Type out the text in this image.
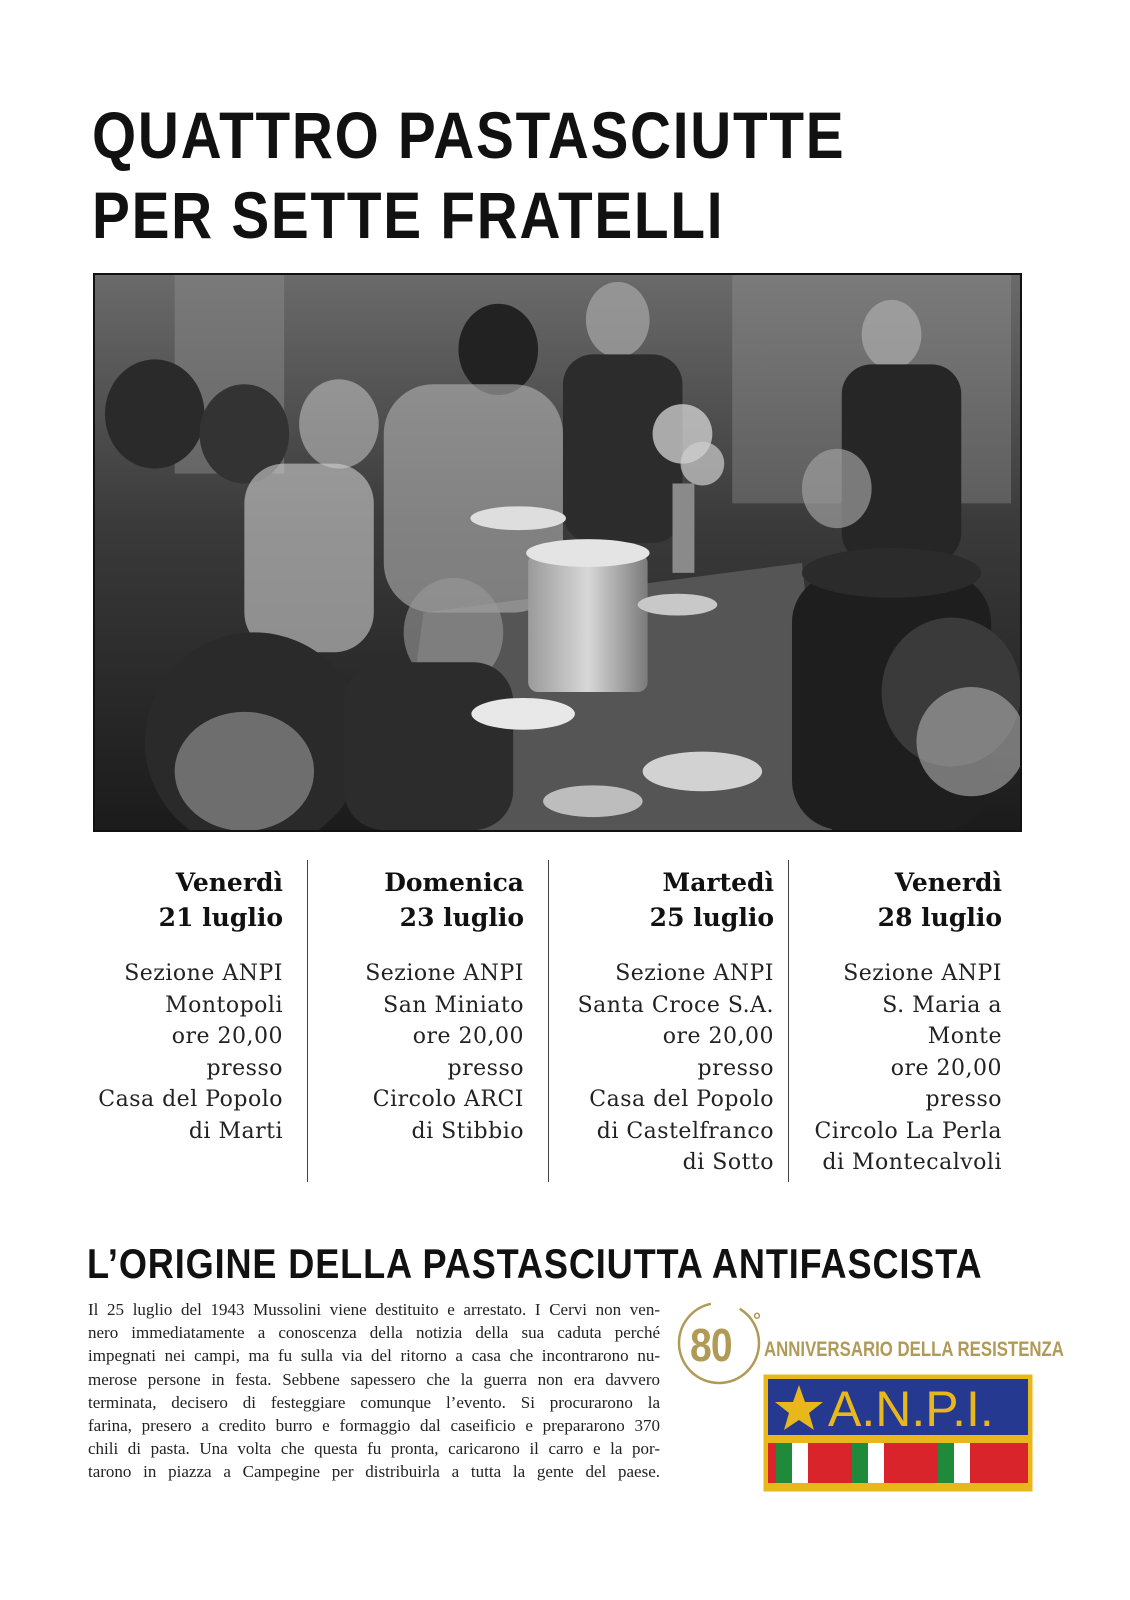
QUATTRO PASTASCIUTTE
PER SETTE FRATELLI
Venerdì
21 luglio
Sezione ANPI
Montopoli
ore 20,00
presso
Casa del Popolo
di Marti
Domenica
23 luglio
Sezione ANPI
San Miniato
ore 20,00
presso
Circolo ARCI
di Stibbio
Martedì
25 luglio
Sezione ANPI
Santa Croce S.A.
ore 20,00
presso
Casa del Popolo
di Castelfranco
di Sotto
Venerdì
28 luglio
Sezione ANPI
S. Maria a
Monte
ore 20,00
presso
Circolo La Perla
di Montecalvoli
L’ORIGINE DELLA PASTASCIUTTA ANTIFASCISTA
Il 25 luglio del 1943 Mussolini viene destituito e arrestato. I Cervi non ven-
nero immediatamente a conoscenza della notizia della sua caduta perché
impegnati nei campi, ma fu sulla via del ritorno a casa che incontrarono nu-
merose persone in festa. Sebbene sapessero che la guerra non era davvero
terminata, decisero di festeggiare comunque l’evento. Si procurarono la
farina, presero a credito burro e formaggio dal caseificio e prepararono 370
chili di pasta. Una volta che questa fu pronta, caricarono il carro e la por-
tarono in piazza a Campegine per distribuirla a tutta la gente del paese.
80 °
ANNIVERSARIO DELLA RESISTENZA
A.N.P.I.
